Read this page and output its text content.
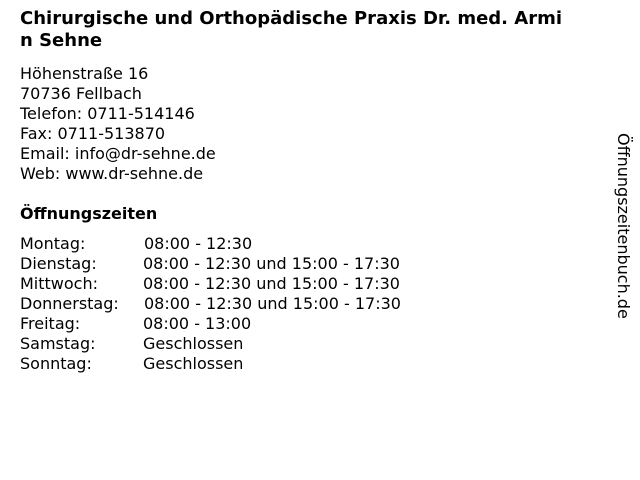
Chirurgische und Orthopädische Praxis Dr. med. Armin Sehne
Höhenstraße 16
70736 Fellbach
Telefon: 0711-514146
Fax: 0711-513870
Email: info@dr-sehne.de
Web: www.dr-sehne.de
Öffnungszeiten
Montag:	08:00 - 12:30
Dienstag:	08:00 - 12:30 und 15:00 - 17:30
Mittwoch:	08:00 - 12:30 und 15:00 - 17:30
Donnerstag:	08:00 - 12:30 und 15:00 - 17:30
Freitag:	08:00 - 13:00
Samstag:	Geschlossen
Sonntag:	Geschlossen
Öffnungszeitenbuch.de
